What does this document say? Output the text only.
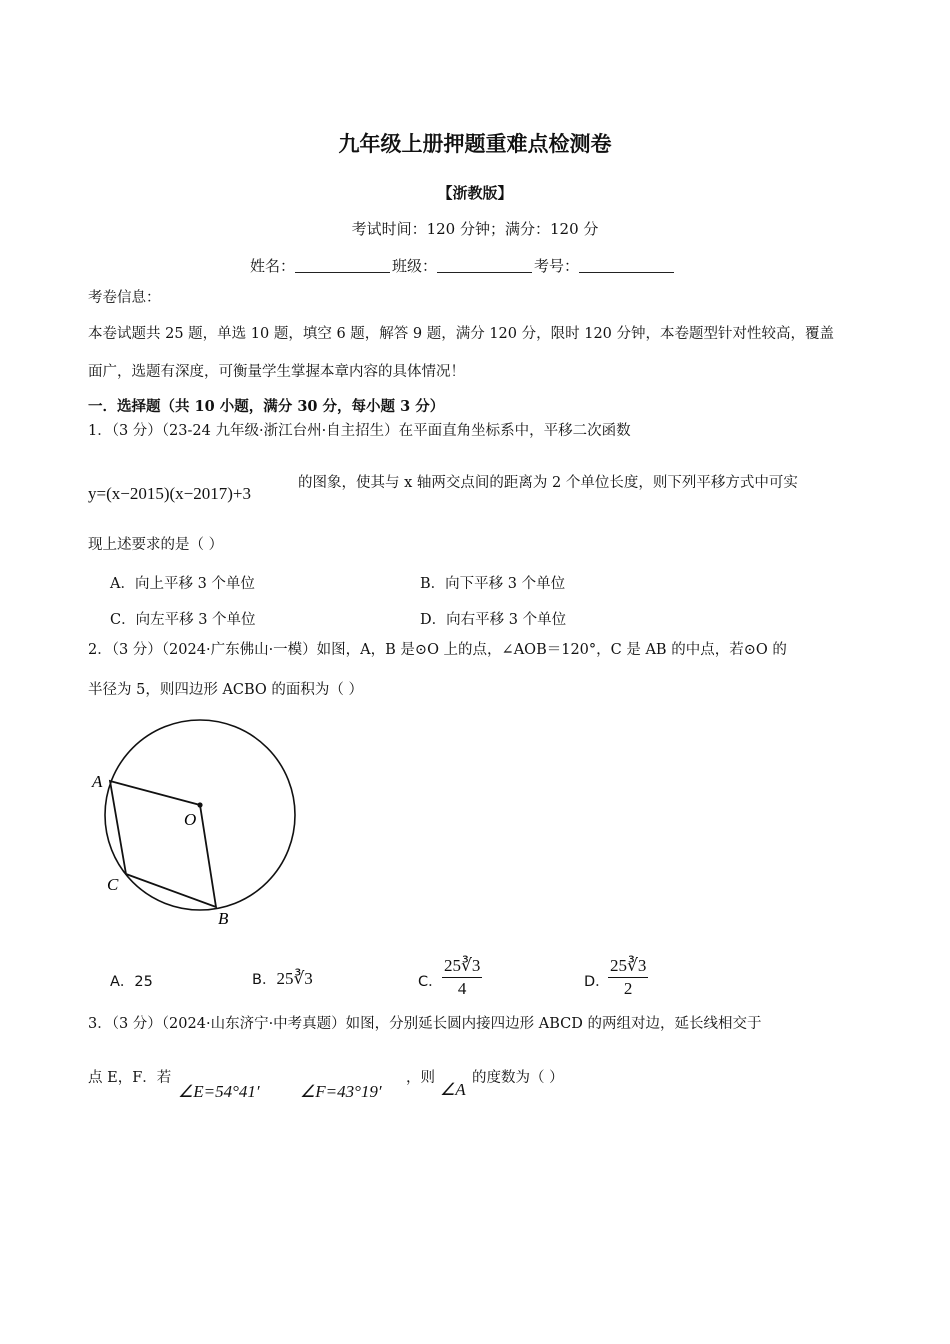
九年级上册押题重难点检测卷
【浙教版】
考试时间：120 分钟；满分：120 分
姓名：	班级：	考号：
考卷信息：
本卷试题共 25 题，单选 10 题，填空 6 题，解答 9 题，满分 120 分，限时 120 分钟，本卷题型针对性较高，覆盖
面广，选题有深度，可衡量学生掌握本章内容的具体情况！
一．选择题（共 10 小题，满分 30 分，每小题 3 分）
1．（3 分）（23-24 九年级·浙江台州·自主招生）在平面直角坐标系中，平移二次函数
y=(x−2015)(x−2017)+3
的图象，使其与 x 轴两交点间的距离为 2 个单位长度，则下列平移方式中可实
现上述要求的是（ ）
A．向上平移 3 个单位	B．向下平移 3 个单位
C．向左平移 3 个单位	D．向右平移 3 个单位
2．（3 分）（2024·广东佛山·一模）如图，A，B 是⊙O 上的点，∠AOB＝120°，C 是 AB 的中点，若⊙O 的
半径为 5，则四边形 ACBO 的面积为（ ）
A
O
C
B
A．25	B．25∛3	C． $\frac{25∛3}{4}$	D．
$\frac{25∛3}{2}$
3．（3 分）（2024·山东济宁·中考真题）如图，分别延长圆内接四边形 ABCD 的两组对边，延长线相交于
点 E，F．若
∠E=54°41′ ∠F=43°19′
，则
∠A
的度数为（ ）
